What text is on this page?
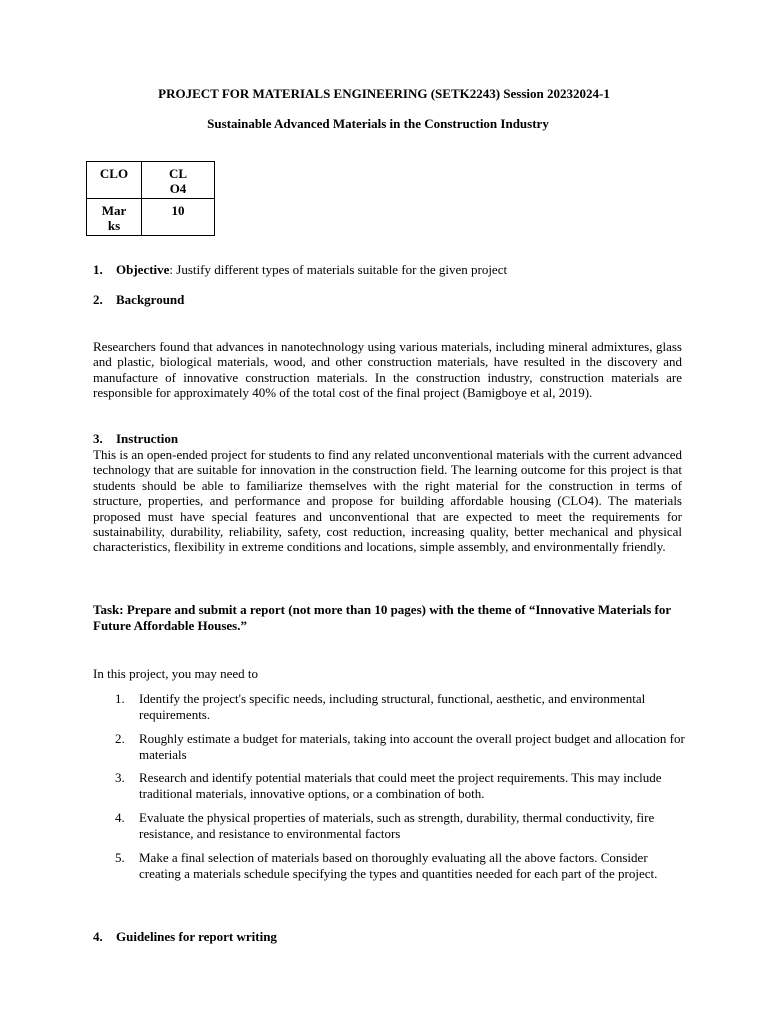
PROJECT FOR MATERIALS ENGINEERING (SETK2243) Session 20232024-1
Sustainable Advanced Materials in the Construction Industry
CLO	CLO4
Marks	10
1. Objective: Justify different types of materials suitable for the given project
2. Background
Researchers found that advances in nanotechnology using various materials, including mineral admixtures, glass and plastic, biological materials, wood, and other construction materials, have resulted in the discovery and manufacture of innovative construction materials. In the construction industry, construction materials are responsible for approximately 40% of the total cost of the final project (Bamigboye et al, 2019).
3. Instruction
This is an open-ended project for students to find any related unconventional materials with the current advanced technology that are suitable for innovation in the construction field. The learning outcome for this project is that students should be able to familiarize themselves with the right material for the construction in terms of structure, properties, and performance and propose for building affordable housing (CLO4). The materials proposed must have special features and unconventional that are expected to meet the requirements for sustainability, durability, reliability, safety, cost reduction, increasing quality, better mechanical and physical characteristics, flexibility in extreme conditions and locations, simple assembly, and environmentally friendly.
Task: Prepare and submit a report (not more than 10 pages) with the theme of “Innovative Materials for Future Affordable Houses.”
In this project, you may need to
1.	Identify the project's specific needs, including structural, functional, aesthetic, and environmental requirements.
2.	Roughly estimate a budget for materials, taking into account the overall project budget and allocation for materials
3.	Research and identify potential materials that could meet the project requirements. This may include traditional materials, innovative options, or a combination of both.
4.	Evaluate the physical properties of materials, such as strength, durability, thermal conductivity, fire resistance, and resistance to environmental factors
5.	Make a final selection of materials based on thoroughly evaluating all the above factors. Consider creating a materials schedule specifying the types and quantities needed for each part of the project.
4. Guidelines for report writing
